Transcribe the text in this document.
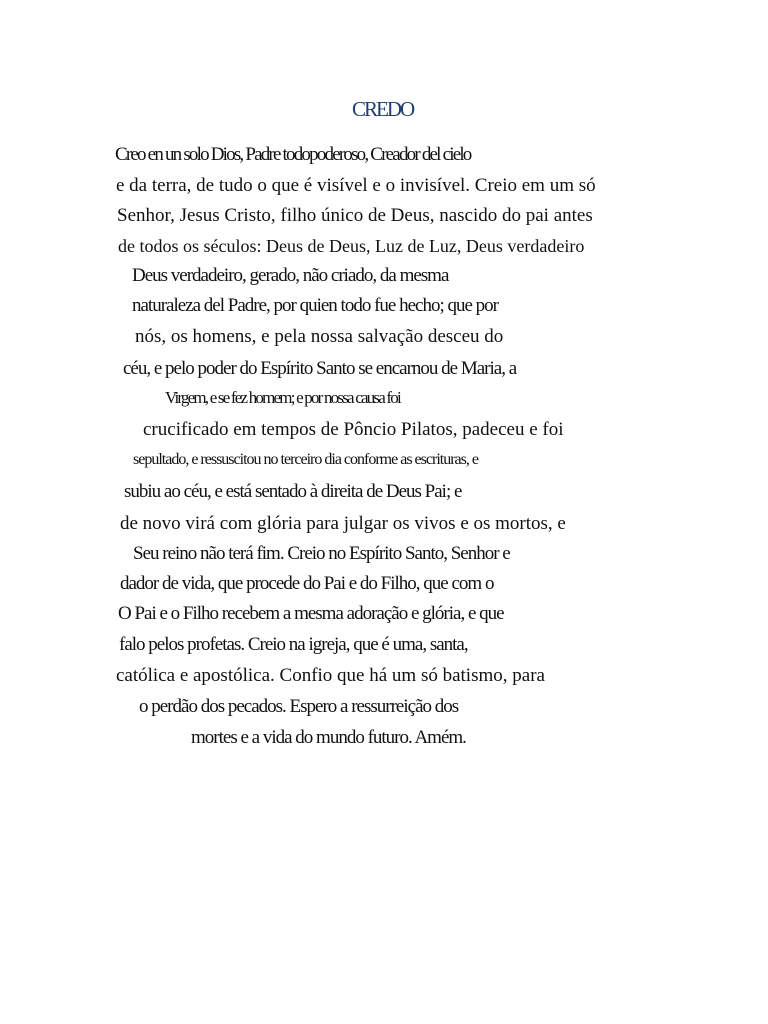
CREDO
Creo en un solo Dios, Padre todopoderoso, Creador del cielo
e da terra, de tudo o que é visível e o invisível. Creio em um só
Senhor, Jesus Cristo, filho único de Deus, nascido do pai antes
de todos os séculos: Deus de Deus, Luz de Luz, Deus verdadeiro
Deus verdadeiro, gerado, não criado, da mesma
naturaleza del Padre, por quien todo fue hecho; que por
nós, os homens, e pela nossa salvação desceu do
céu, e pelo poder do Espírito Santo se encarnou de Maria, a
Virgem, e se fez homem; e por nossa causa foi
crucificado em tempos de Pôncio Pilatos, padeceu e foi
sepultado, e ressuscitou no terceiro dia conforme as escrituras, e
subiu ao céu, e está sentado à direita de Deus Pai; e
de novo virá com glória para julgar os vivos e os mortos, e
Seu reino não terá fim. Creio no Espírito Santo, Senhor e
dador de vida, que procede do Pai e do Filho, que com o
O Pai e o Filho recebem a mesma adoração e glória, e que
falo pelos profetas. Creio na igreja, que é uma, santa,
católica e apostólica. Confio que há um só batismo, para
o perdão dos pecados. Espero a ressurreição dos
mortes e a vida do mundo futuro. Amém.
